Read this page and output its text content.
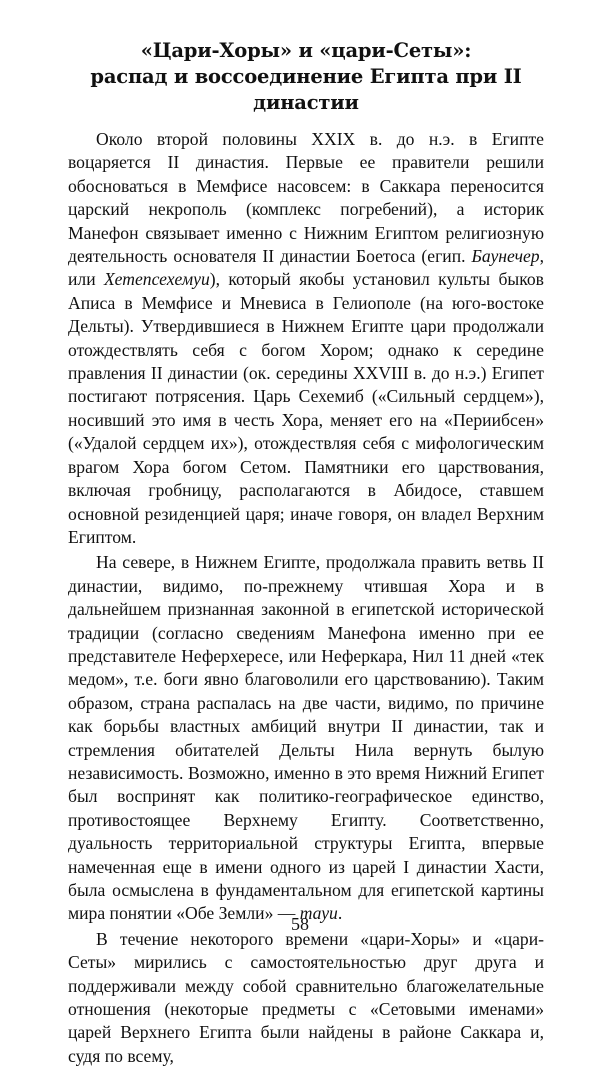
«Цари-Хоры» и «цари-Сеты»:
распад и воссоединение Египта при II династии

Около второй половины XXIX в. до н.э. в Египте воцаряется II династия. Первые ее правители решили обосноваться в Мемфисе насовсем: в Саккара переносится царский некрополь (комплекс погребений), а историк Манефон связывает именно с Нижним Египтом религиозную деятельность основателя II династии Боетоса (егип. Баунечер, или Хетепсехемуи), который якобы установил культы быков Аписа в Мемфисе и Мневиса в Гелиополе (на юго-востоке Дельты). Утвердившиеся в Нижнем Египте цари продолжали отождествлять себя с богом Хором; однако к середине правления II династии (ок. середины XXVIII в. до н.э.) Египет постигают потрясения. Царь Сехемиб («Сильный сердцем»), носивший это имя в честь Хора, меняет его на «Периибсен» («Удалой сердцем их»), отождествляя себя с мифологическим врагом Хора богом Сетом. Памятники его царствования, включая гробницу, располагаются в Абидосе, ставшем основной резиденцией царя; иначе говоря, он владел Верхним Египтом.

На севере, в Нижнем Египте, продолжала править ветвь II династии, видимо, по-прежнему чтившая Хора и в дальнейшем признанная законной в египетской исторической традиции (согласно сведениям Манефона именно при ее представителе Неферхересе, или Неферкара, Нил 11 дней «тек медом», т.е. боги явно благоволили его царствованию). Таким образом, страна распалась на две части, видимо, по причине как борьбы властных амбиций внутри II династии, так и стремления обитателей Дельты Нила вернуть былую независимость. Возможно, именно в это время Нижний Египет был воспринят как политико-географическое единство, противостоящее Верхнему Египту. Соответственно, дуальность территориальной структуры Египта, впервые намеченная еще в имени одного из царей I династии Хасти, была осмыслена в фундаментальном для египетской картины мира понятии «Обе Земли» — тауи.

В течение некоторого времени «цари-Хоры» и «цари-Сеты» мирились с самостоятельностью друг друга и поддерживали между собой сравнительно благожелательные отношения (некоторые предметы с «Сетовыми именами» царей Верхнего Египта были найдены в районе Саккара и, судя по всему,

58
